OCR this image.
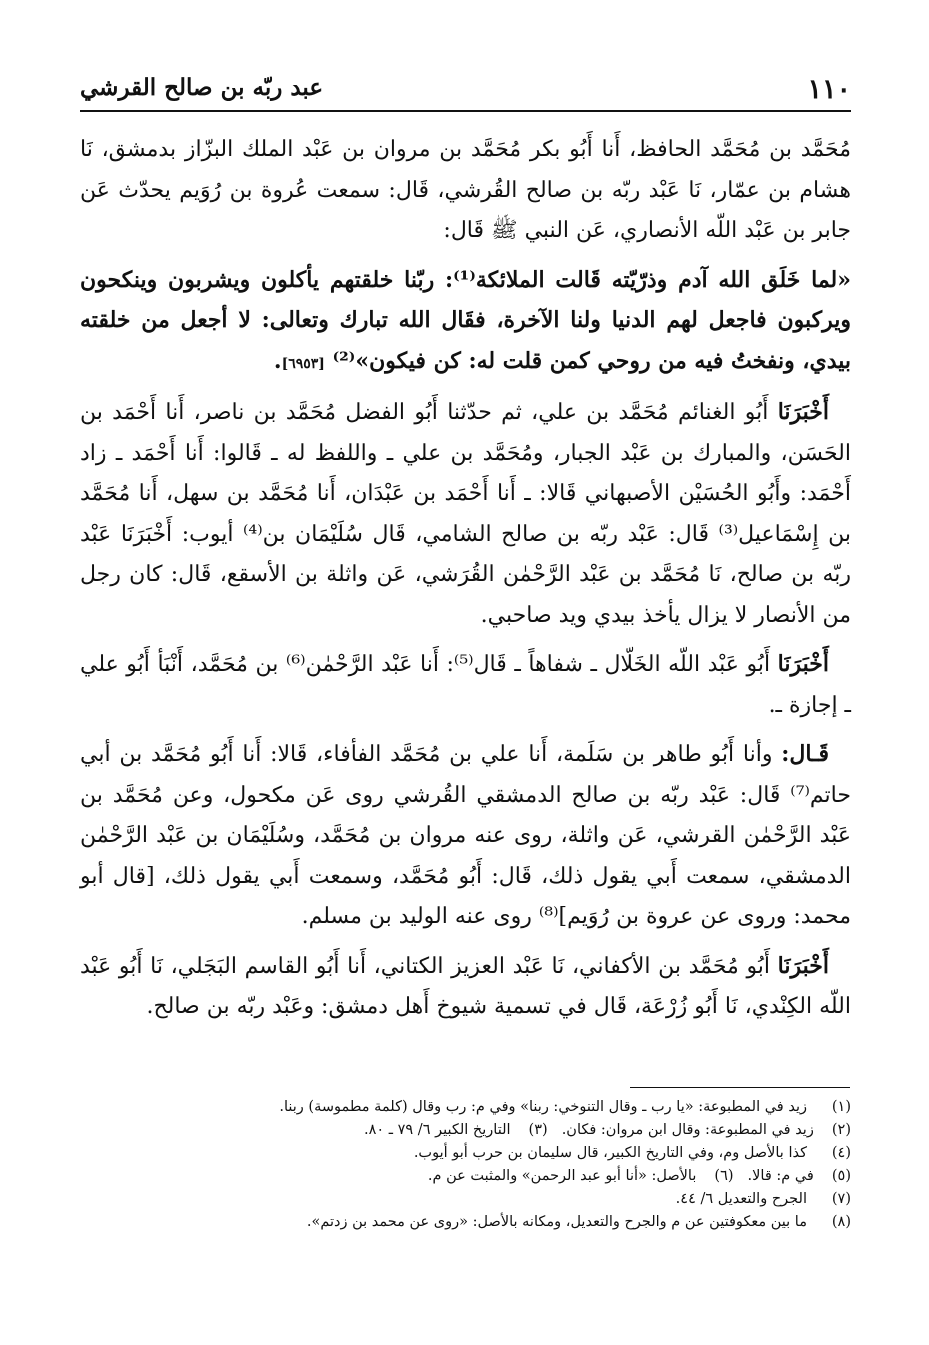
١١٠
عبد ربّه بن صالح القرشي

مُحَمَّد بن مُحَمَّد الحافظ، أَنا أَبُو بكر مُحَمَّد بن مروان بن عَبْد الملك البزّاز بدمشق، نَا هشام بن عمّار، نَا عَبْد ربّه بن صالح القُرشي، قَال: سمعت عُروة بن رُوَيم يحدّث عَن جابر بن عَبْد اللّه الأنصاري، عَن النبي ﷺ قَال:

«لما خَلَق الله آدم وذرّيّته قَالت الملائكة⁽¹⁾: ربّنا خلقتهم يأكلون ويشربون وينكحون ويركبون فاجعل لهم الدنيا ولنا الآخرة، فقَال الله تبارك وتعالى: لا أجعل من خلقته بيدي، ونفختُ فيه من روحي كمن قلت له: كن فيكون»⁽²⁾ [٦٩٥٣].

أَخْبَرَنَا أَبُو الغنائم مُحَمَّد بن علي، ثم حدّثنا أَبُو الفضل مُحَمَّد بن ناصر، أَنا أَحْمَد بن الحَسَن، والمبارك بن عَبْد الجبار، ومُحَمَّد بن علي ـ واللفظ له ـ قَالوا: أَنا أَحْمَد ـ زاد أَحْمَد: وأَبُو الحُسَيْن الأصبهاني قَالا: ـ أَنا أَحْمَد بن عَبْدَان، أَنا مُحَمَّد بن سهل، أَنا مُحَمَّد بن إِسْمَاعيل⁽³⁾ قَال: عَبْد ربّه بن صالح الشامي، قَال سُلَيْمَان بن⁽⁴⁾ أيوب: أَخْبَرَنَا عَبْد ربّه بن صالح، نَا مُحَمَّد بن عَبْد الرَّحْمٰن القُرَشي، عَن واثلة بن الأسقع، قَال: كان رجل من الأنصار لا يزال يأخذ بيدي ويد صاحبي.

أَخْبَرَنَا أَبُو عَبْد اللّه الخَلّال ـ شفاهاً ـ قَال⁽⁵⁾: أَنا عَبْد الرَّحْمٰن⁽⁶⁾ بن مُحَمَّد، أَنْبَأ أَبُو علي ـ إجازة ـ.

قَـال: وأنا أَبُو طاهر بن سَلَمة، أَنا علي بن مُحَمَّد الفأفاء، قَالا: أَنا أَبُو مُحَمَّد بن أبي حاتم⁽⁷⁾ قَال: عَبْد ربّه بن صالح الدمشقي القُرشي روى عَن مكحول، وعن مُحَمَّد بن عَبْد الرَّحْمٰن القرشي، عَن واثلة، روى عنه مروان بن مُحَمَّد، وسُلَيْمَان بن عَبْد الرَّحْمٰن الدمشقي، سمعت أَبي يقول ذلك، قَال: أَبُو مُحَمَّد، وسمعت أَبي يقول ذلك، [قال أبو محمد: وروى عن عروة بن رُوَيم]⁽⁸⁾ روى عنه الوليد بن مسلم.

أَخْبَرَنَا أَبُو مُحَمَّد بن الأكفاني، نَا عَبْد العزيز الكتاني، أَنا أَبُو القاسم البَجَلي، نَا أَبُو عَبْد اللّه الكِنْدي، نَا أَبُو زُرْعَة، قَال في تسمية شيوخ أَهل دمشق: وعَبْد ربّه بن صالح.

(١)
زيد في المطبوعة: «يا رب ـ وقال التنوخي: ربنا» وفي م: رب وقال (كلمة مطموسة) ربنا.
(٢)
زيد في المطبوعة: وقال ابن مروان: فكان.
(٣)
التاريخ الكبير ٦/ ٧٩ ـ ٨٠.
(٤)
كذا بالأصل وم، وفي التاريخ الكبير، قال سليمان بن حرب أبو أيوب.
(٥)
في م: قالا.
(٦)
بالأصل: «أنا أبو عبد الرحمن» والمثبت عن م.
(٧)
الجرح والتعديل ٦/ ٤٤.
(٨)
ما بين معكوفتين عن م والجرح والتعديل، ومكانه بالأصل: «روى عن محمد بن زدتم».
